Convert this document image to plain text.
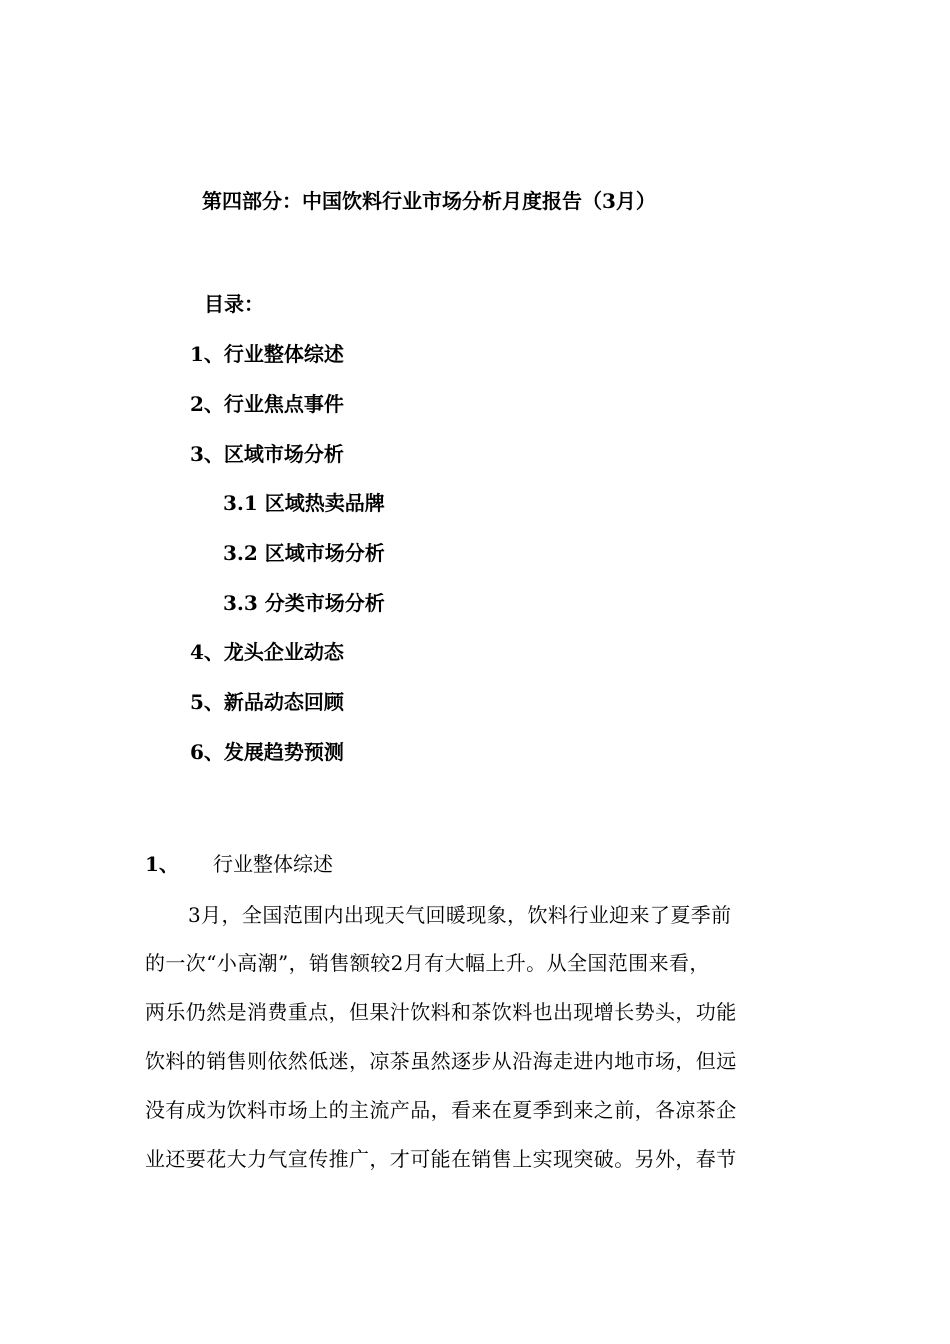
第四部分：中国饮料行业市场分析月度报告（3月）
目录：
1、行业整体综述
2、行业焦点事件
3、区域市场分析
3.1 区域热卖品牌
3.2 区域市场分析
3.3 分类市场分析
4、龙头企业动态
5、新品动态回顾
6、发展趋势预测
1、 行业整体综述
3月，全国范围内出现天气回暖现象，饮料行业迎来了夏季前
的一次“小高潮”，销售额较2月有大幅上升。从全国范围来看，
两乐仍然是消费重点，但果汁饮料和茶饮料也出现增长势头，功能
饮料的销售则依然低迷，凉茶虽然逐步从沿海走进内地市场，但远
没有成为饮料市场上的主流产品，看来在夏季到来之前，各凉茶企
业还要花大力气宣传推广，才可能在销售上实现突破。另外，春节
